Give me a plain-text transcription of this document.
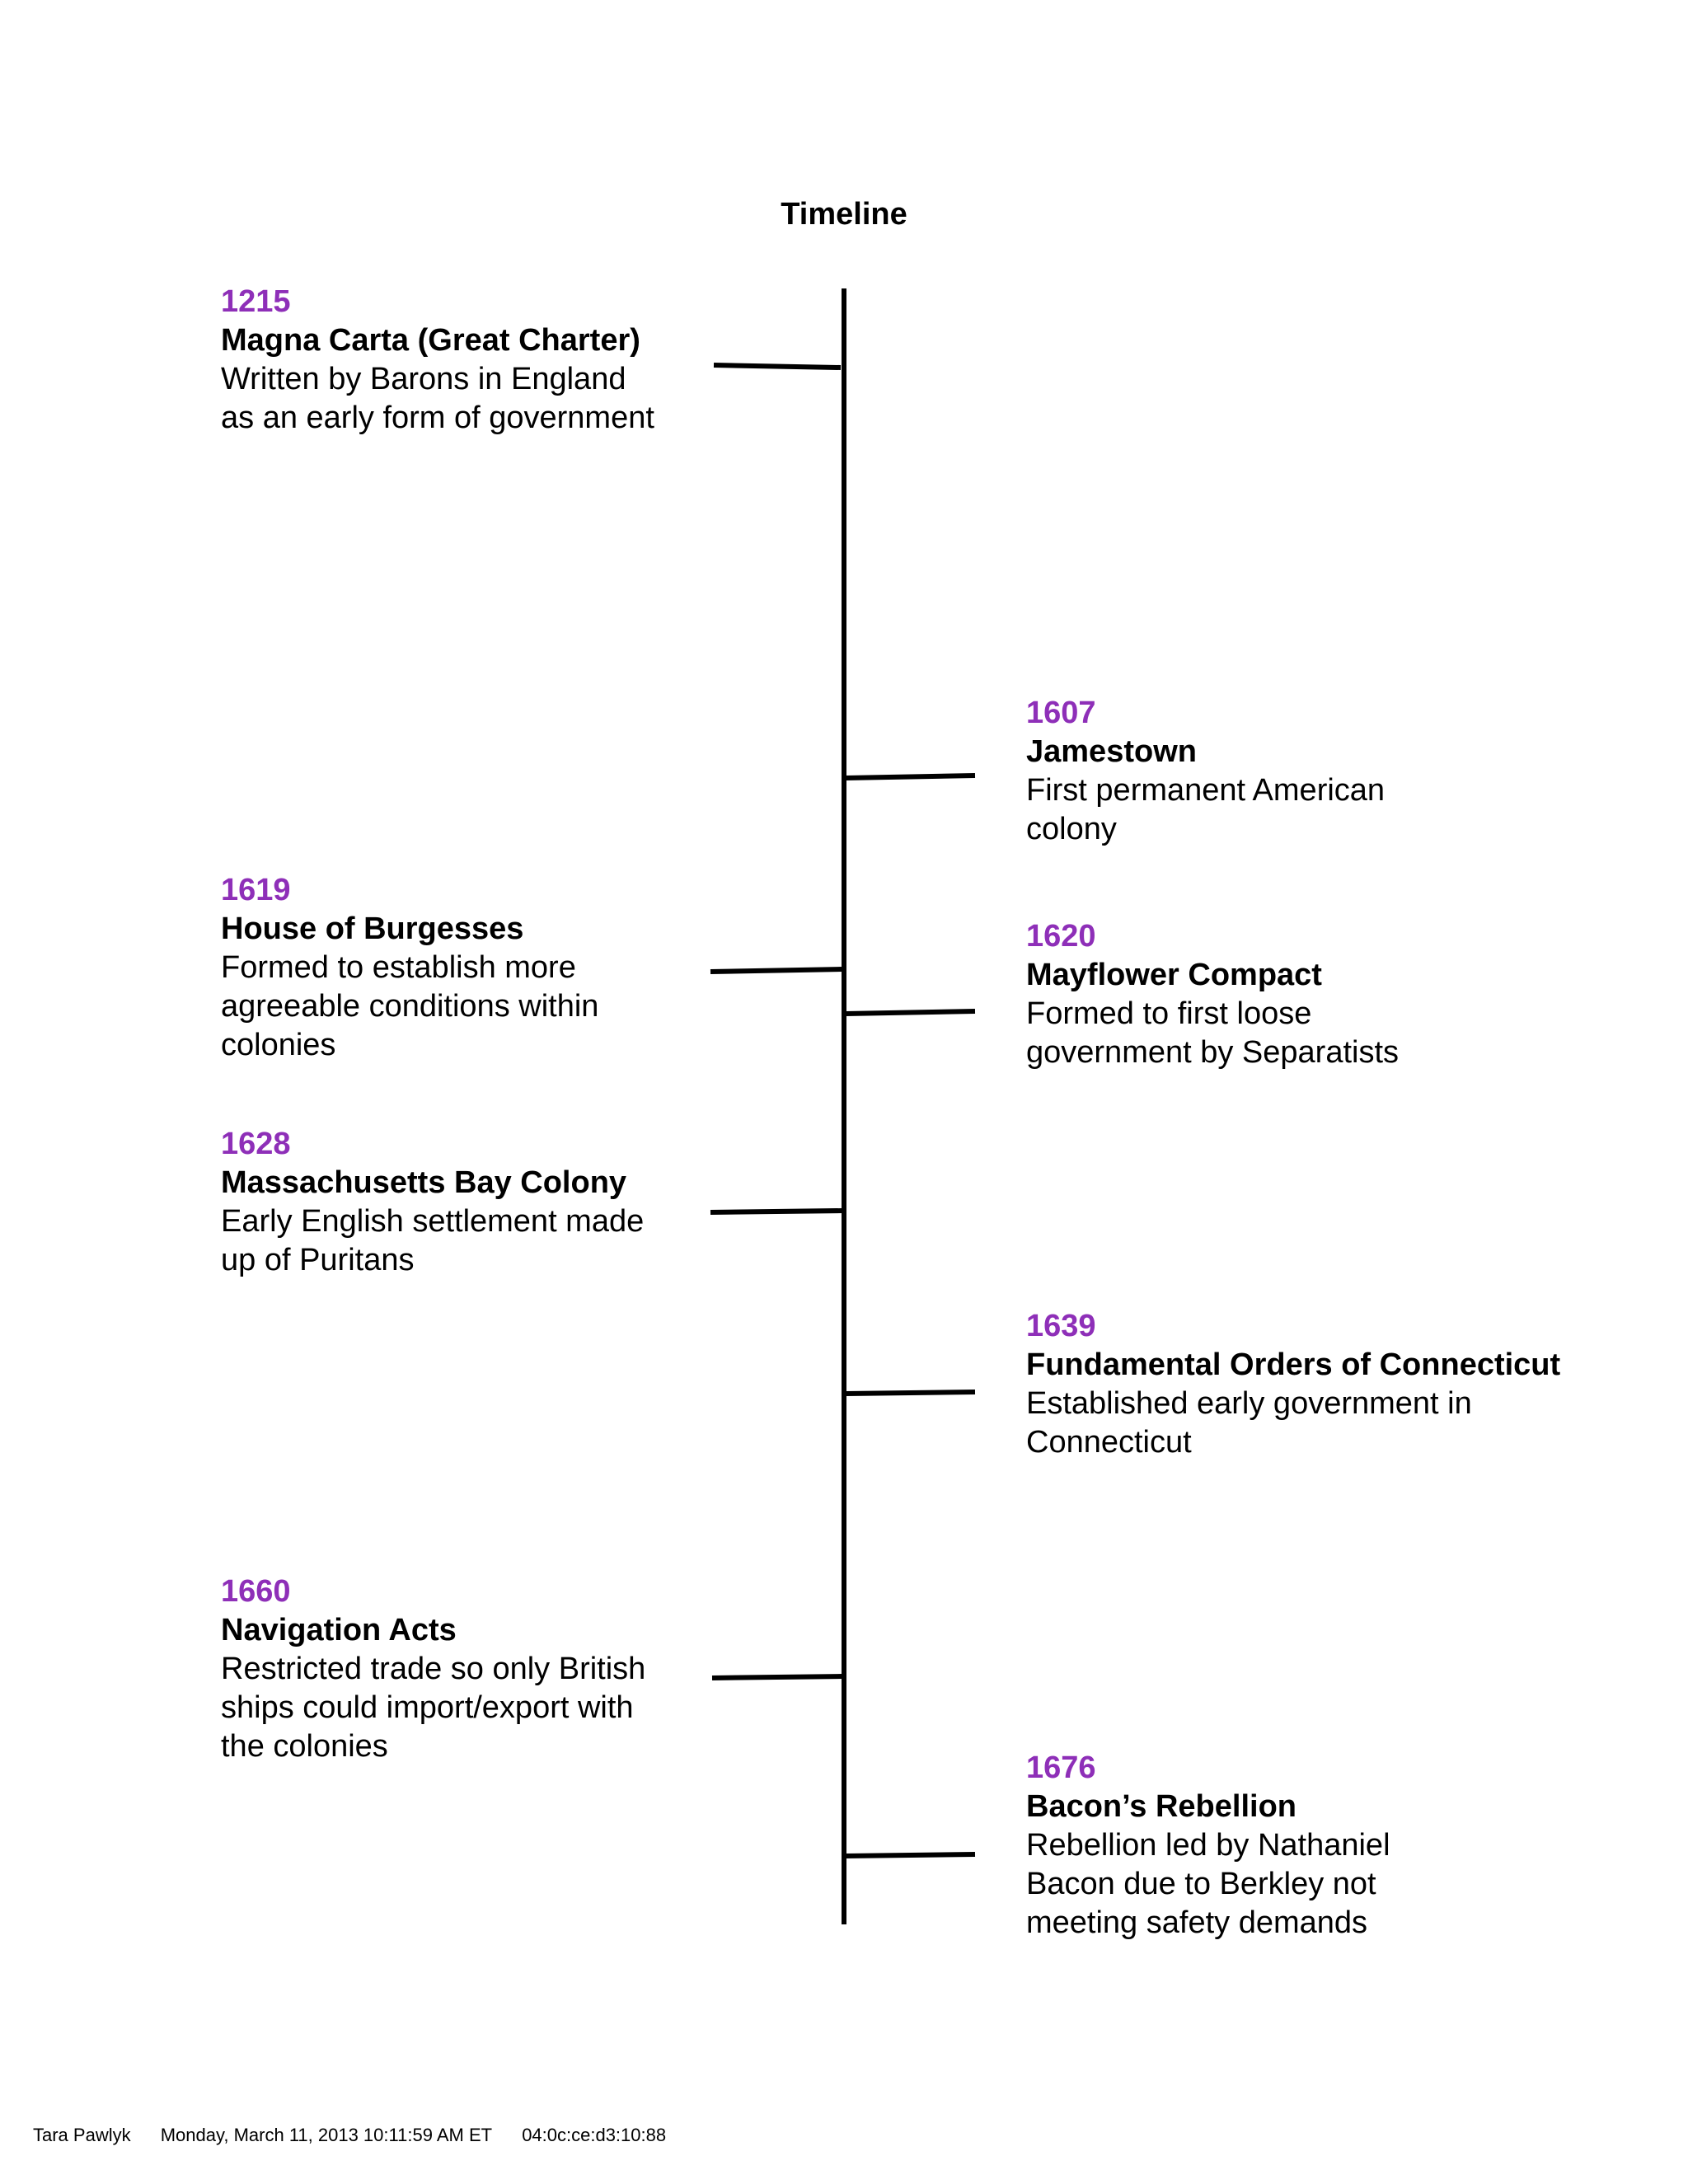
Timeline
1215
Magna Carta (Great Charter)
Written by Barons in England
as an early form of government
1607
Jamestown
First permanent American
colony
1619
House of Burgesses
Formed to establish more
agreeable conditions within
colonies
1620
Mayflower Compact
Formed to first loose
government by Separatists
1628
Massachusetts Bay Colony
Early English settlement made
up of Puritans
1639
Fundamental Orders of Connecticut
Established early government in
Connecticut
1660
Navigation Acts
Restricted trade so only British
ships could import/export with
the colonies
1676
Bacon’s Rebellion
Rebellion led by Nathaniel
Bacon due to Berkley not
meeting safety demands
Tara Pawlyk Monday, March 11, 2013 10:11:59 AM ET 04:0c:ce:d3:10:88
